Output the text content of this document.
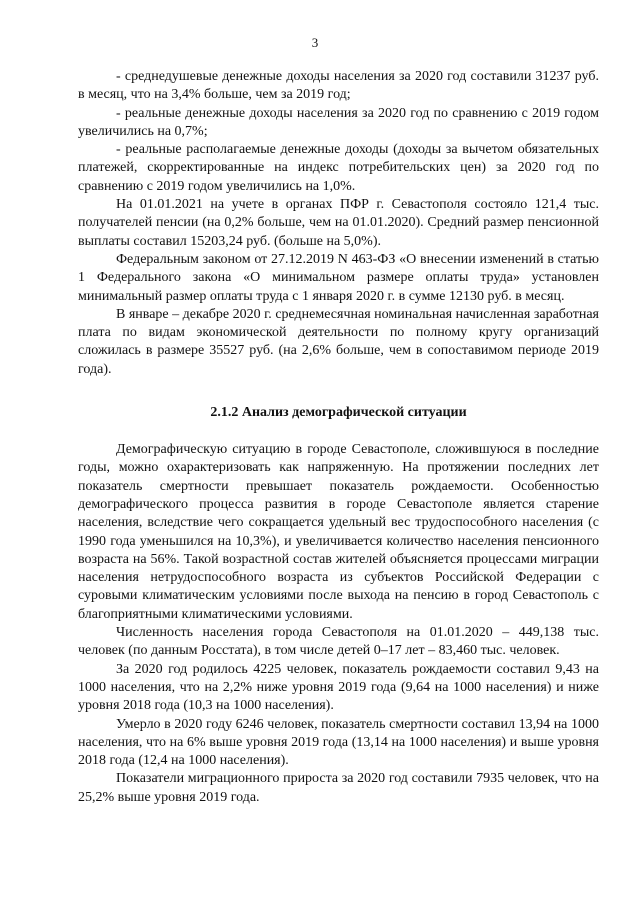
3

- среднедушевые денежные доходы населения за 2020 год составили 31237 руб. в месяц, что на 3,4% больше, чем за 2019 год;

- реальные денежные доходы населения за 2020 год по сравнению с 2019 годом увеличились на 0,7%;

- реальные располагаемые денежные доходы (доходы за вычетом обязательных платежей, скорректированные на индекс потребительских цен) за 2020 год по сравнению с 2019 годом увеличились на 1,0%.

На 01.01.2021 на учете в органах ПФР г. Севастополя состояло 121,4 тыс. получателей пенсии (на 0,2% больше, чем на 01.01.2020). Средний размер пенсионной выплаты составил 15203,24 руб. (больше на 5,0%).

Федеральным законом от 27.12.2019 N 463-ФЗ «О внесении изменений в статью 1 Федерального закона «О минимальном размере оплаты труда» установлен минимальный размер оплаты труда с 1 января 2020 г. в сумме 12130 руб. в месяц.

В январе – декабре 2020 г. среднемесячная номинальная начисленная заработная плата по видам экономической деятельности по полному кругу организаций сложилась в размере 35527 руб. (на 2,6% больше, чем в сопоставимом периоде 2019 года).

2.1.2 Анализ демографической ситуации

Демографическую ситуацию в городе Севастополе, сложившуюся в последние годы, можно охарактеризовать как напряженную. На протяжении последних лет показатель смертности превышает показатель рождаемости. Особенностью демографического процесса развития в городе Севастополе является старение населения, вследствие чего сокращается удельный вес трудоспособного населения (с 1990 года уменьшился на 10,3%), и увеличивается количество населения пенсионного возраста на 56%. Такой возрастной состав жителей объясняется процессами миграции населения нетрудоспособного возраста из субъектов Российской Федерации с суровыми климатическим условиями после выхода на пенсию в город Севастополь с благоприятными климатическими условиями.

Численность населения города Севастополя на 01.01.2020 – 449,138 тыс. человек (по данным Росстата), в том числе детей 0–17 лет – 83,460 тыс. человек.

За 2020 год родилось 4225 человек, показатель рождаемости составил 9,43 на 1000 населения, что на 2,2% ниже уровня 2019 года (9,64 на 1000 населения) и ниже уровня 2018 года (10,3 на 1000 населения).

Умерло в 2020 году 6246 человек, показатель смертности составил 13,94 на 1000 населения, что на 6% выше уровня 2019 года (13,14 на 1000 населения) и выше уровня 2018 года (12,4 на 1000 населения).

Показатели миграционного прироста за 2020 год составили 7935 человек, что на 25,2% выше уровня 2019 года.
